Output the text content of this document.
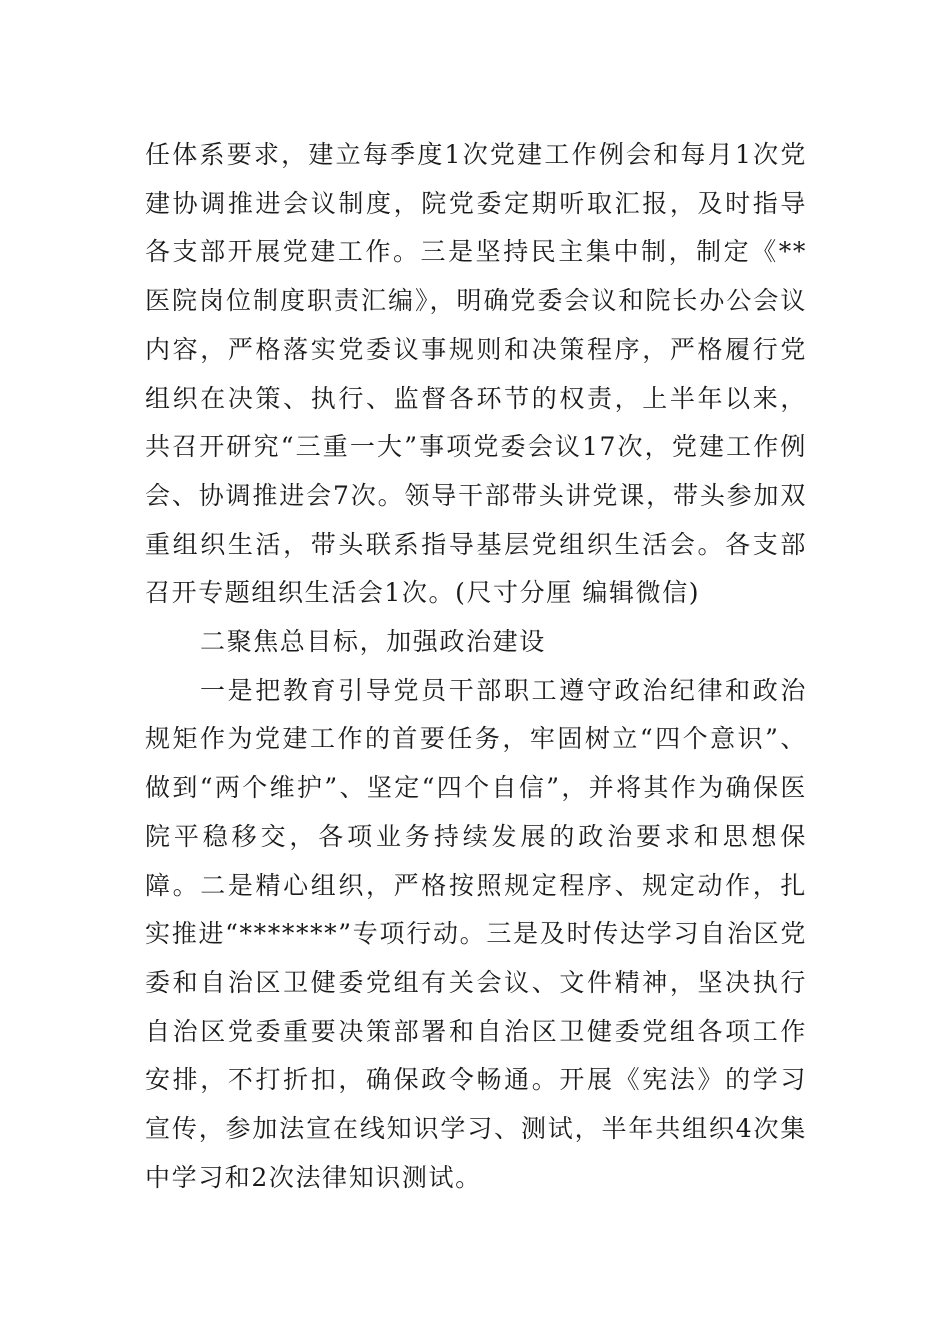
任体系要求，建立每季度1次党建工作例会和每月1次党建协调推进会议制度，院党委定期听取汇报，及时指导各支部开展党建工作。三是坚持民主集中制，制定《**医院岗位制度职责汇编》，明确党委会议和院长办公会议内容，严格落实党委议事规则和决策程序，严格履行党组织在决策、执行、监督各环节的权责，上半年以来，共召开研究“三重一大”事项党委会议17次，党建工作例会、协调推进会7次。领导干部带头讲党课，带头参加双重组织生活，带头联系指导基层党组织生活会。各支部召开专题组织生活会1次。(尺寸分厘 编辑微信)

二聚焦总目标，加强政治建设

一是把教育引导党员干部职工遵守政治纪律和政治规矩作为党建工作的首要任务，牢固树立“四个意识”、做到“两个维护”、坚定“四个自信”，并将其作为确保医院平稳移交，各项业务持续发展的政治要求和思想保障。二是精心组织，严格按照规定程序、规定动作，扎实推进“*******”专项行动。三是及时传达学习自治区党委和自治区卫健委党组有关会议、文件精神，坚决执行自治区党委重要决策部署和自治区卫健委党组各项工作安排，不打折扣，确保政令畅通。开展《宪法》的学习宣传，参加法宣在线知识学习、测试，半年共组织4次集中学习和2次法律知识测试。
